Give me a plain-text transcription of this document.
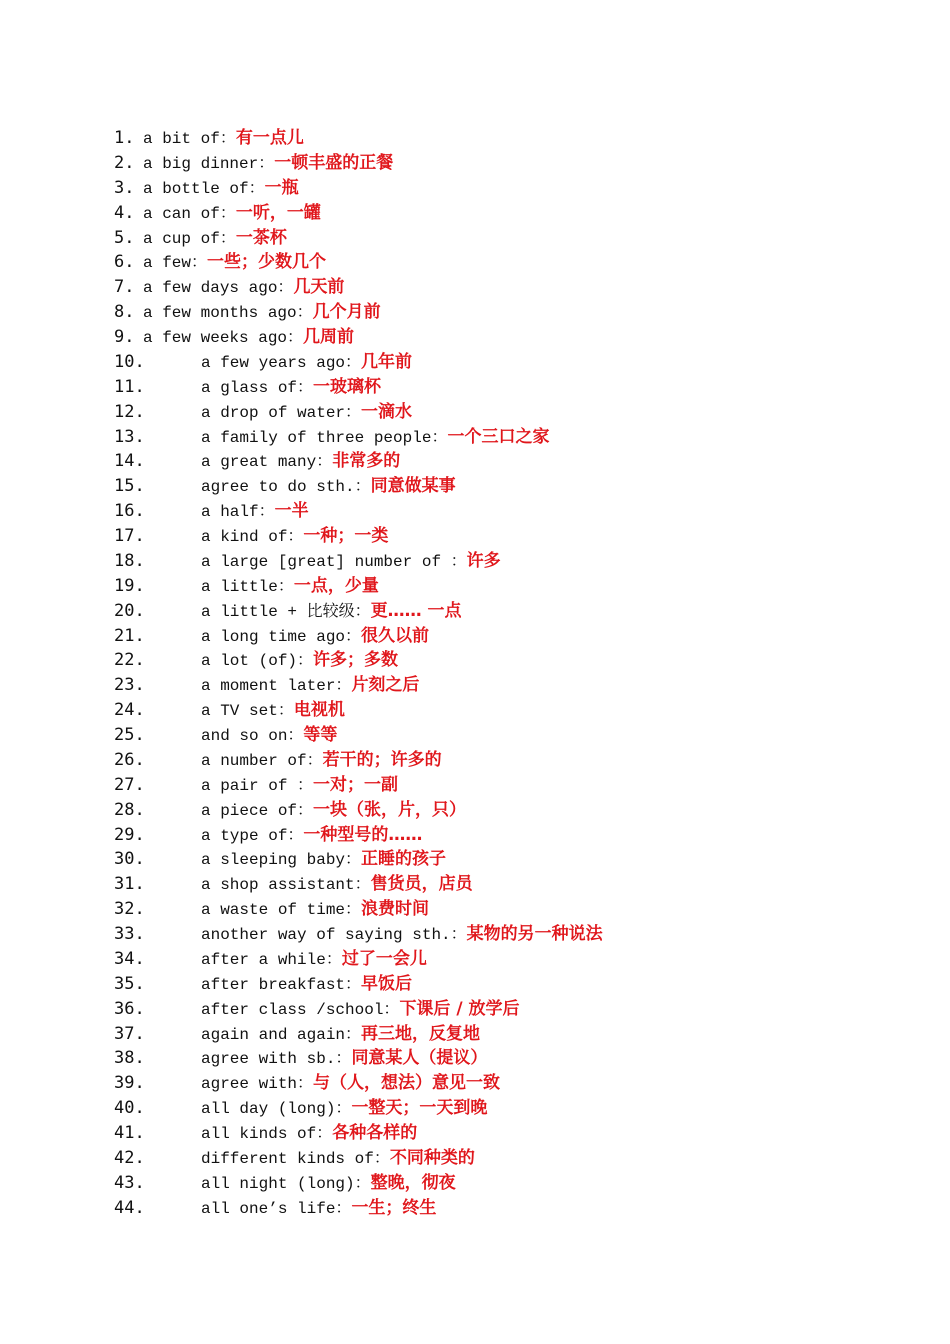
1. a bit of：有一点儿
2. a big dinner：一顿丰盛的正餐
3. a bottle of：一瓶
4. a can of：一听，一罐
5. a cup of：一茶杯
6. a few：一些；少数几个
7. a few days ago：几天前
8. a few months ago：几个月前
9. a few weeks ago：几周前
10.	a few years ago：几年前
11.	a glass of：一玻璃杯
12.	a drop of water：一滴水
13.	a family of three people：一个三口之家
14.	a great many：非常多的
15.	agree to do sth.：同意做某事
16.	a half：一半
17.	a kind of：一种；一类
18.	a large [great] number of ：许多
19.	a little：一点，少量
20.	a little + 比较级：更…… 一点
21.	a long time ago：很久以前
22.	a lot (of)：许多；多数
23.	a moment later：片刻之后
24.	a TV set：电视机
25.	and so on：等等
26.	a number of：若干的；许多的
27.	a pair of ：一对；一副
28.	a piece of：一块（张，片，只）
29.	a type of：一种型号的……
30.	a sleeping baby：正睡的孩子
31.	a shop assistant：售货员，店员
32.	a waste of time：浪费时间
33.	another way of saying sth.：某物的另一种说法
34.	after a while：过了一会儿
35.	after breakfast：早饭后
36.	after class /school：下课后 / 放学后
37.	again and again：再三地，反复地
38.	agree with sb.：同意某人（提议）
39.	agree with：与（人，想法）意见一致
40.	all day (long)：一整天；一天到晚
41.	all kinds of：各种各样的
42.	different kinds of：不同种类的
43.	all night (long)：整晚，彻夜
44.	all one’s life：一生；终生
